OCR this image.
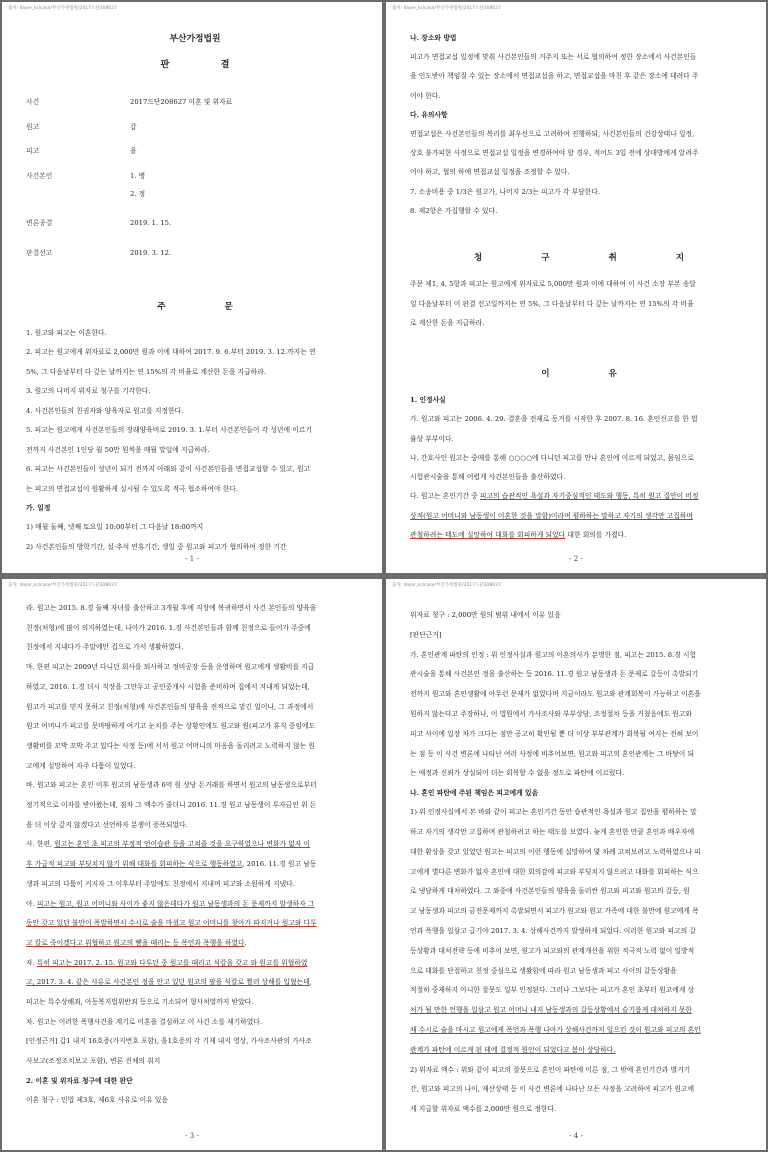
출처: llaser_kr/case/부산가정법원/2017드단208627
부산가정법원
판 결
사건	2017드단208627 이혼 및 위자료
원고	갑
피고	을
사건본인	1. 병
2. 정
변론종결	2019. 1. 15.
판결선고	2019. 3. 12.
주 문

1. 원고와 피고는 이혼한다.

2. 피고는 원고에게 위자료로 2,000만 원과 이에 대하여 2017. 9. 6.부터 2019. 3. 12.까지는 연

5%, 그 다음날부터 다 갚는 날까지는 연 15%의 각 비율로 계산한 돈을 지급하라.

3. 원고의 나머지 위자료 청구를 기각한다.

4. 사건본인들의 친권자와 양육자로 원고를 지정한다.

5. 피고는 원고에게 사건본인들의 장래양육비로 2019. 3. 1.부터 사건본인들이 각 성년에 이르기

전까지 사건본인 1인당 월 50만 원씩을 매월 말일에 지급하라.

6. 피고는 사건본인들이 성년이 되기 전까지 아래와 같이 사건본인들을 면접교섭할 수 있고, 원고

는 피고의 면접교섭이 원활하게 실시될 수 있도록 적극 협조하여야 한다.

가. 일정

1) 매월 둘째, 넷째 토요일 10:00부터 그 다음날 18:00까지

2) 사건본인들의 방학기간, 설·추석 연휴기간, 생일 중 원고와 피고가 협의하여 정한 기간

- 1 -
출처: llaser_kr/case/부산가정법원/2017드단208627
나. 장소와 방법

피고가 면접교섭 일정에 맞춰 사건본인들의 거주지 또는 서로 협의하여 정한 장소에서 사건본인들

을 인도받아 책임질 수 있는 장소에서 면접교섭을 하고, 면접교섭을 마친 후 같은 장소에 데려다 주

어야 한다.

다. 유의사항

면접교섭은 사건본인들의 복리를 최우선으로 고려하여 진행하되, 사건본인들의 건강상태나 일정,

상호 불가피한 사정으로 면접교섭 일정을 변경하여야 할 경우, 적어도 3일 전에 상대방에게 알려주

어야 하고, 협의 하에 면접교섭 일정을 조정할 수 있다.

7. 소송비용 중 1/3은 원고가, 나머지 2/3는 피고가 각 부담한다.

8. 제2항은 가집행할 수 있다.

청 구 취 지

주문 제1, 4, 5항과 피고는 원고에게 위자료로 5,000만 원과 이에 대하여 이 사건 소장 부본 송달

일 다음날부터 이 판결 선고일까지는 연 5%, 그 다음날부터 다 갚는 날까지는 연 15%의 각 비율

로 계산한 돈을 지급하라.

이 유
1. 인정사실

가. 원고와 피고는 2006. 4. 29. 결혼을 전제로 동거를 시작한 후 2007. 8. 16. 혼인신고를 한 법

률상 부부이다.

나. 간호사인 원고는 중매를 통해 ○○○○에 다니던 피고를 만나 혼인에 이르게 되었고, 몸임으로

시험관시술을 통해 어렵게 사건본인들을 출산하였다.

다. 원고는 혼인기간 중 피고의 습관적인 욕설과 자기중심적인 태도와 행동, 특히 원고 집안이 비정

상적(원고 어머니와 남동생이 이혼한 것을 말함)이라며 폄하하는 말하고 자기의 생각만 고집하며

관철하려는 태도에 실망하여 대화를 회피하게 되었다 대한 회의를 가졌다.

- 2 -
출처: llaser_kr/case/부산가정법원/2017드단208627

라. 원고는 2015. 8.경 둘째 자녀를 출산하고 3개월 후에 직장에 복귀하면서 사건 본인들의 양육을

친정(처형)에 많이 의지하였는데, 나아가 2016. 1.경 사건본인들과 함께 친정으로 들어가 주중에

친정에서 지내다가 주말에만 집으로 가서 생활하였다.

마. 한편 피고는 2009년 다니던 회사를 퇴사하고 정비공장 등을 운영하며 원고에게 생활비를 지급

하였고, 2016. 1.경 더시 직장을 그만두고 공인중개사 시험을 준비하며 집에서 지내게 되었는데,

원고가 피고를 믿지 못하고 친정(처형)에 사건본인들의 양육을 전적으로 맡긴 일이나, 그 과정에서

원고 어머니가 피고를 못마땅하게 여기고 눈치를 주는 상황인에도 원고와 원(피고가 휴직 중임에도

생활비를 꼬박 꼬박 주고 있다는 사정 등)에 서서 원고 어머니의 마음을 돌리려고 노력하지 않는 원

고에게 실망하여 자주 다툼이 있었다.

바. 원고와 피고는 혼인 이후 원고의 남동생과 6억 원 상당 돈거래를 하면서 원고의 남동생으로부터

정기적으로 이자를 받아왔는데, 점차 그 액수가 줄더니 2016. 11.경 원고 남동생이 투자금인 위 돈

을 더 이상 갚지 않겠다고 선언하자 분쟁이 증폭되었다.

사. 한편, 원고는 혼인 초 피고의 부정적 언어습관 등을 고쳐줄 것을 요구하였으나 변화가 없자 이

후 가급적 피고와 부딪치지 않기 위해 대화를 회피하는 식으로 행동하였고, 2016. 11.경 원고 남동

생과 피고의 다툼이 커지자 그 이후부터 주말에도 친정에서 지내며 피고와 소원하게 지냈다.

아. 피고는 원고, 원고 어머니와 사이가 좋지 않은데다가 원고 남동생과의 돈 문제까지 발생하자 그

동안 갖고 있던 불만이 폭발하면서 수시로 술을 마셨고 원고 어머니를 찾아가 따지거나 원고와 다투

고 칼로 죽이겠다고 위협하고 원고의 뺨을 때리는 등 폭언과 폭행을 하였다.

자. 특히 피고는 2017. 2. 15. 원고와 다투던 중 원고를 때리고 식칼을 갖고 와 원고를 위협하였

고, 2017. 3. 4. 같은 사유로 사건본인 정을 안고 있던 원고의 팔을 식칼로 찔러 상해를 입혔는데,

피고는 특수상해죄, 아동복지법위반죄 등으로 기소되어 형사처벌까지 받았다.

차. 원고는 이러한 폭행사건을 계기로 이혼을 결심하고 이 사건 소를 제기하였다.

[인정근거] 갑1 내지 16호증(가지번호 포함), 을1호증의 각 기재 내지 영상, 가사조사관의 가사조

사보고(조정조치보고 포함), 변론 전체의 취지

2. 이혼 및 위자료 청구에 대한 판단

이혼 청구 : 민법 제3호, 제6호 사유로 이유 있음

- 3 -
출처: llaser_kr/case/부산가정법원/2017드단208627

위자료 청구 : 2,000만 원의 범위 내에서 이유 있음

[판단근거]

가. 혼인관계 파탄의 인정 : 위 인정사실과 원고의 이혼의사가 분명한 점, 피고는 2015. 8.경 시험

관시술을 통해 사건본인 정을 출산하는 등 2016. 11.경 원고 남동생과 돈 문제로 갈등이 촉발되기

전까지 원고와 혼인생활에 아무런 문제가 없었다며 지금이라도 원고와 관계회복이 가능하고 이혼을

원하지 않는다고 주장하나, 이 법원에서 가사조사와 부부상담, 조정절차 등을 거쳤음에도 원고와

피고 사이에 입장 차가 크다는 점만 공고히 확인될 뿐 더 이상 부부관계가 회복될 여지는 전혀 보이

는 점 등 이 사건 변론에 나타난 여러 사정에 비추어보면, 원고와 피고의 혼인관계는 그 바탕이 되

는 애정과 신뢰가 상실되어 더는 회복할 수 없을 정도로 파탄에 이르렀다.

나. 혼인 파탄에 주된 책임은 피고에게 있음

1) 위 인정사실에서 본 바와 같이 피고는 혼인기간 동안 습관적인 욕설과 원고 집안을 폄하하는 말

하고 자기의 생각만 고집하며 관철하려고 하는 태도를 보였다. 늦게 혼인한 만큼 혼인과 배우자에

대한 환상을 갖고 있었던 원고는 피고의 이런 행동에 실망하여 몇 차례 고쳐보려고 노력하였으나 피

고에게 별다른 변화가 없자 혼인에 대한 회의감에 피고와 부딪치지 않으려고 대화를 회피하는 식으

로 냉담하게 대처하였다. 그 와중에 사건본인들의 양육을 둘러싼 원고와 피고와 원고의 갈등, 원

고 남동생과 피고의 금전문제까지 촉발되면서 피고가 원고와 원고 가족에 대한 불만에 원고에게 폭

언과 폭행을 일삼고 급기야 2017. 3. 4. 상해사건까지 발생하게 되었다. 이러한 원고와 피고의 갈

등상황과 대처전략 등에 비추어 보면, 원고가 피고와의 관계개선을 위한 적극적 노력 없이 일방적

으로 대화를 단절하고 친정 중심으로 생활함에 따라 원고 남동생과 피고 사이의 갈등상황을

적절히 중재하지 아니한 잘못도 일부 인정된다. 그러나 그보다는 피고가 혼인 초부터 원고에게 상

처가 될 만한 언행을 일삼고 원고 어머니 내지 남동생과의 갈등상황에서 슬기롭게 대처하지 못한

채 수시로 술을 마시고 원고에게 폭언과 폭행 나아가 상해사건까지 일으킨 것이 원고와 피고의 혼인

관계가 파탄에 이르게 된 데에 결정적 원인이 되었다고 봄이 상당하다.

2) 위자료 액수 : 위와 같이 피고의 잘못으로 혼인이 파탄에 이른 점, 그 밖에 혼인기간과 별거기

간, 원고와 피고의 나이, 재산상태 등 이 사건 변론에 나타난 모든 사정을 고려하여 피고가 원고에

게 지급할 위자료 액수를 2,000만 원으로 정한다.

- 4 -
